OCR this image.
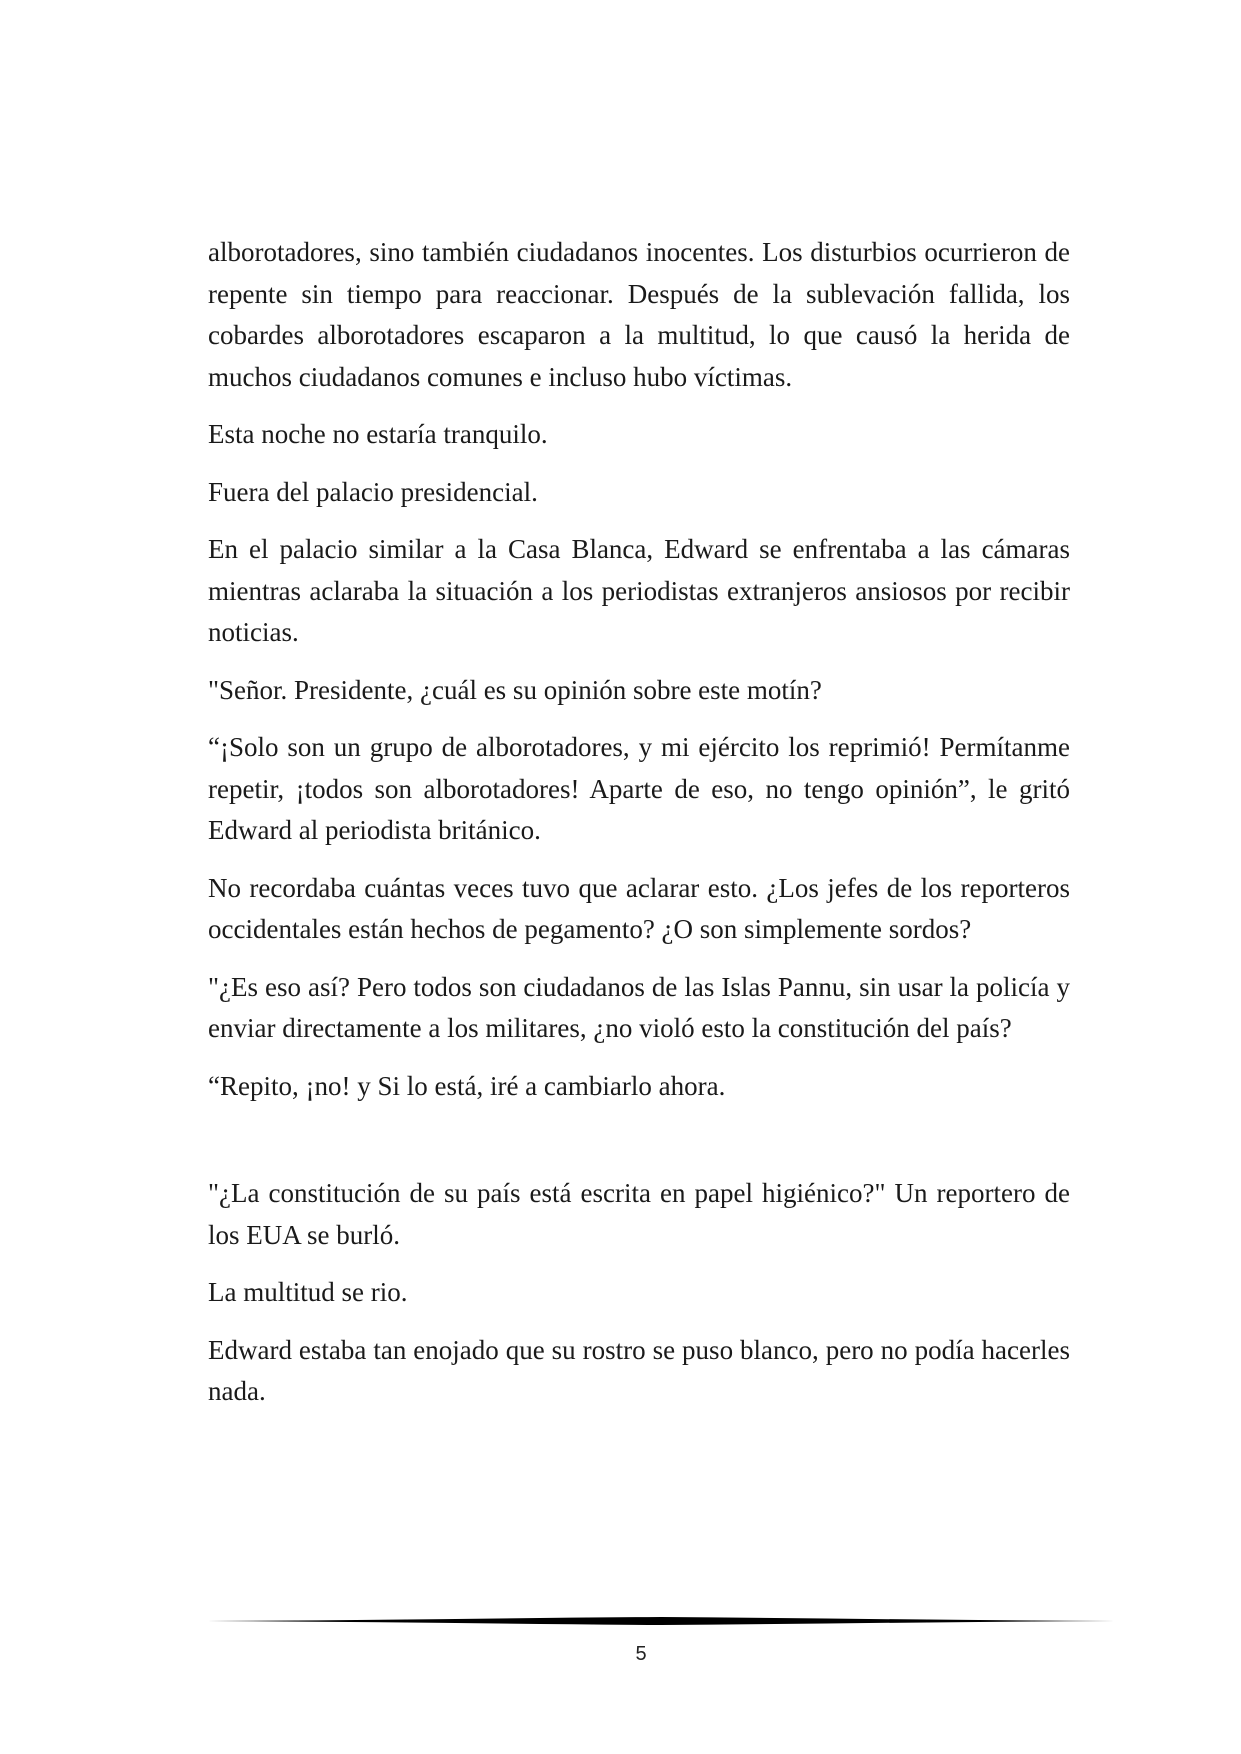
alborotadores, sino también ciudadanos inocentes. Los disturbios ocurrieron de repente sin tiempo para reaccionar. Después de la sublevación fallida, los cobardes alborotadores escaparon a la multitud, lo que causó la herida de muchos ciudadanos comunes e incluso hubo víctimas.

Esta noche no estaría tranquilo.

Fuera del palacio presidencial.

En el palacio similar a la Casa Blanca, Edward se enfrentaba a las cámaras mientras aclaraba la situación a los periodistas extranjeros ansiosos por recibir noticias.

"Señor. Presidente, ¿cuál es su opinión sobre este motín?

“¡Solo son un grupo de alborotadores, y mi ejército los reprimió! Permítanme repetir, ¡todos son alborotadores! Aparte de eso, no tengo opinión”, le gritó Edward al periodista británico.

No recordaba cuántas veces tuvo que aclarar esto. ¿Los jefes de los reporteros occidentales están hechos de pegamento? ¿O son simplemente sordos?

"¿Es eso así? Pero todos son ciudadanos de las Islas Pannu, sin usar la policía y enviar directamente a los militares, ¿no violó esto la constitución del país?

“Repito, ¡no! y Si lo está, iré a cambiarlo ahora.

"¿La constitución de su país está escrita en papel higiénico?" Un reportero de los EUA se burló.

La multitud se rio.

Edward estaba tan enojado que su rostro se puso blanco, pero no podía hacerles nada.

5
